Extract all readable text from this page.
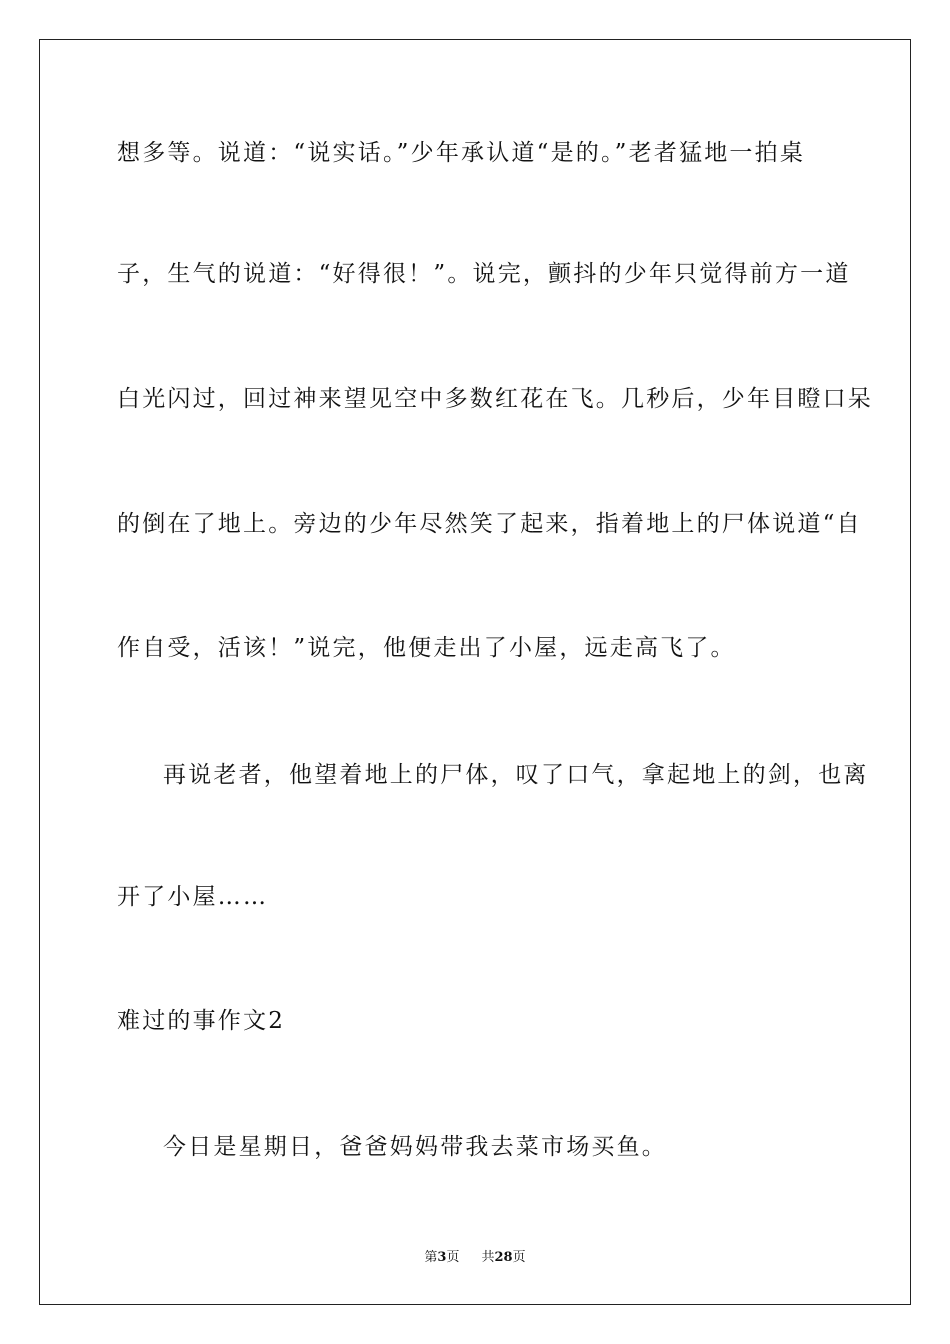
想多等。说道：“说实话。”少年承认道“是的。”老者猛地一拍桌
子，生气的说道：“好得很！”。说完，颤抖的少年只觉得前方一道
白光闪过，回过神来望见空中多数红花在飞。几秒后，少年目瞪口呆
的倒在了地上。旁边的少年尽然笑了起来，指着地上的尸体说道“自
作自受，活该！”说完，他便走出了小屋，远走高飞了。
再说老者，他望着地上的尸体，叹了口气，拿起地上的剑，也离
开了小屋……
难过的事作文2
今日是星期日，爸爸妈妈带我去菜市场买鱼。
第3页 共28页
